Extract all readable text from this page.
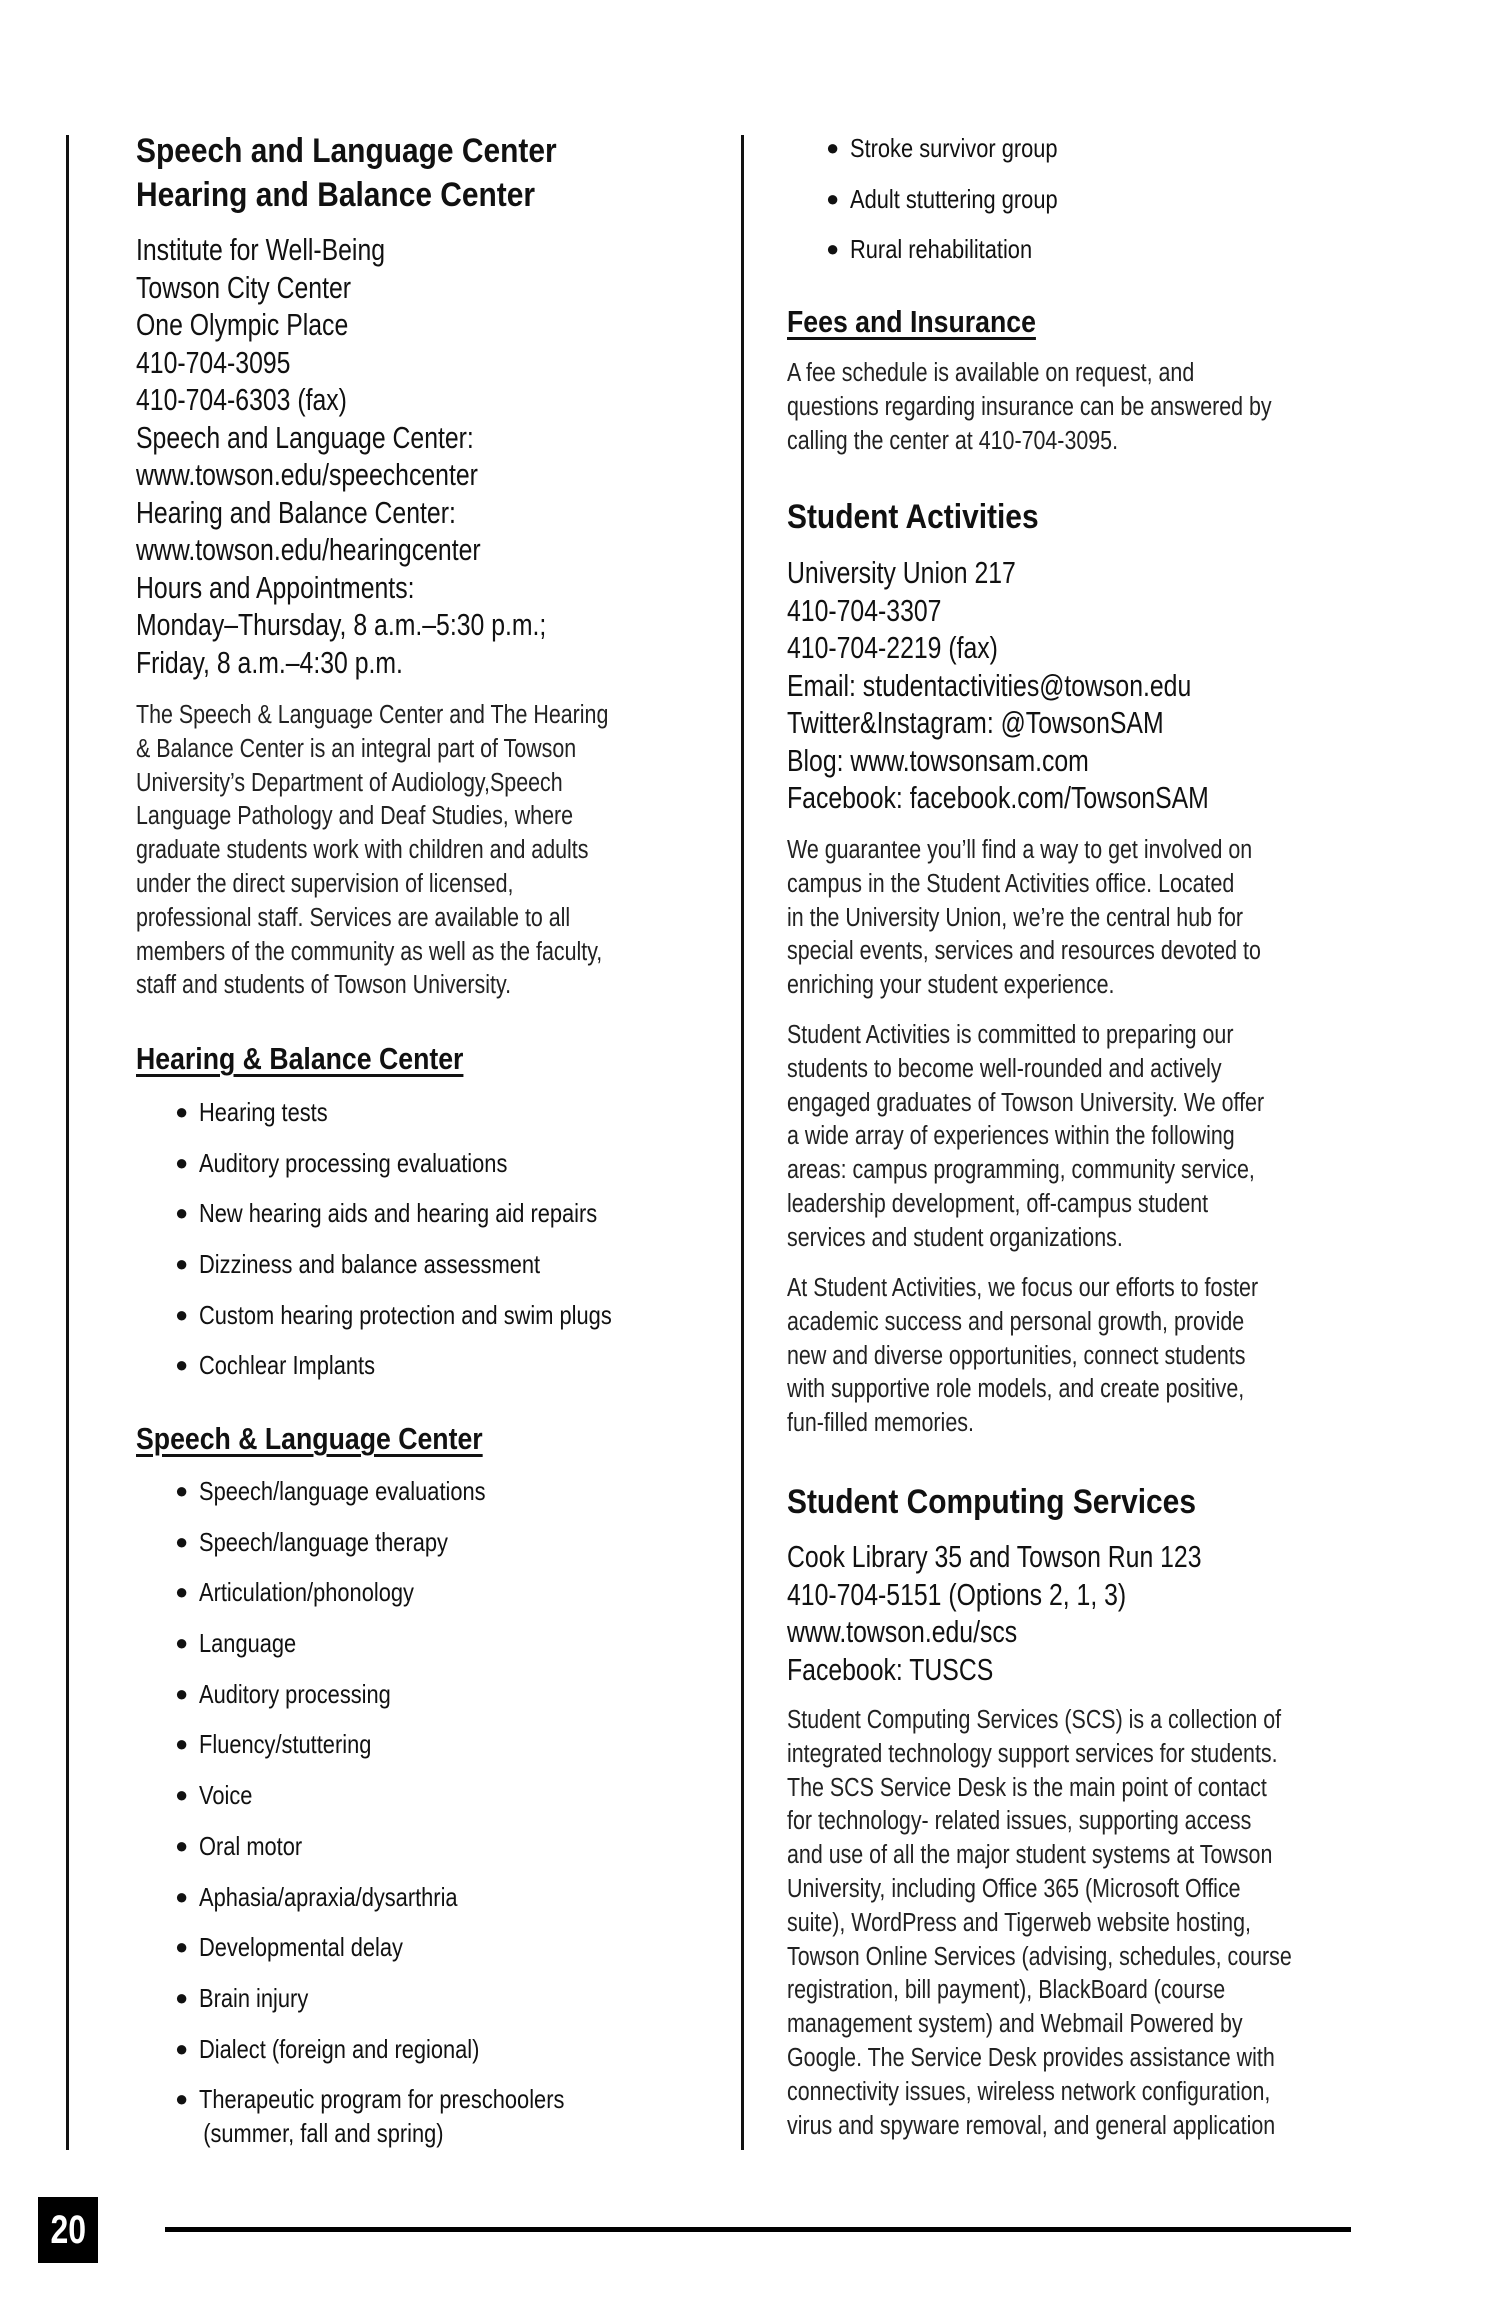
Speech and Language Center
Hearing and Balance Center
Institute for Well-Being
Towson City Center
One Olympic Place
410-704-3095
410-704-6303 (fax)
Speech and Language Center:
www.towson.edu/speechcenter
Hearing and Balance Center:
www.towson.edu/hearingcenter
Hours and Appointments:
Monday–Thursday, 8 a.m.–5:30 p.m.;
Friday, 8 a.m.–4:30 p.m.
The Speech & Language Center and The Hearing
& Balance Center is an integral part of Towson
University’s Department of Audiology,Speech
Language Pathology and Deaf Studies, where
graduate students work with children and adults
under the direct supervision of licensed,
professional staff. Services are available to all
members of the community as well as the faculty,
staff and students of Towson University.
Hearing & Balance Center
● Hearing tests
● Auditory processing evaluations
● New hearing aids and hearing aid repairs
● Dizziness and balance assessment
● Custom hearing protection and swim plugs
● Cochlear Implants
Speech & Language Center
● Speech/language evaluations
● Speech/language therapy
● Articulation/phonology
● Language
● Auditory processing
● Fluency/stuttering
● Voice
● Oral motor
● Aphasia/apraxia/dysarthria
● Developmental delay
● Brain injury
● Dialect (foreign and regional)
● Therapeutic program for preschoolers
(summer, fall and spring)
● Stroke survivor group
● Adult stuttering group
● Rural rehabilitation
Fees and Insurance
A fee schedule is available on request, and
questions regarding insurance can be answered by
calling the center at 410-704-3095.
Student Activities
University Union 217
410-704-3307
410-704-2219 (fax)
Email: studentactivities@towson.edu
Twitter&Instagram: @TowsonSAM
Blog: www.towsonsam.com
Facebook: facebook.com/TowsonSAM
We guarantee you’ll find a way to get involved on
campus in the Student Activities office. Located
in the University Union, we’re the central hub for
special events, services and resources devoted to
enriching your student experience.
Student Activities is committed to preparing our
students to become well-rounded and actively
engaged graduates of Towson University. We offer
a wide array of experiences within the following
areas: campus programming, community service,
leadership development, off-campus student
services and student organizations.
At Student Activities, we focus our efforts to foster
academic success and personal growth, provide
new and diverse opportunities, connect students
with supportive role models, and create positive,
fun-filled memories.
Student Computing Services
Cook Library 35 and Towson Run 123
410-704-5151 (Options 2, 1, 3)
www.towson.edu/scs
Facebook: TUSCS
Student Computing Services (SCS) is a collection of
integrated technology support services for students.
The SCS Service Desk is the main point of contact
for technology- related issues, supporting access
and use of all the major student systems at Towson
University, including Office 365 (Microsoft Office
suite), WordPress and Tigerweb website hosting,
Towson Online Services (advising, schedules, course
registration, bill payment), BlackBoard (course
management system) and Webmail Powered by
Google. The Service Desk provides assistance with
connectivity issues, wireless network configuration,
virus and spyware removal, and general application
20
